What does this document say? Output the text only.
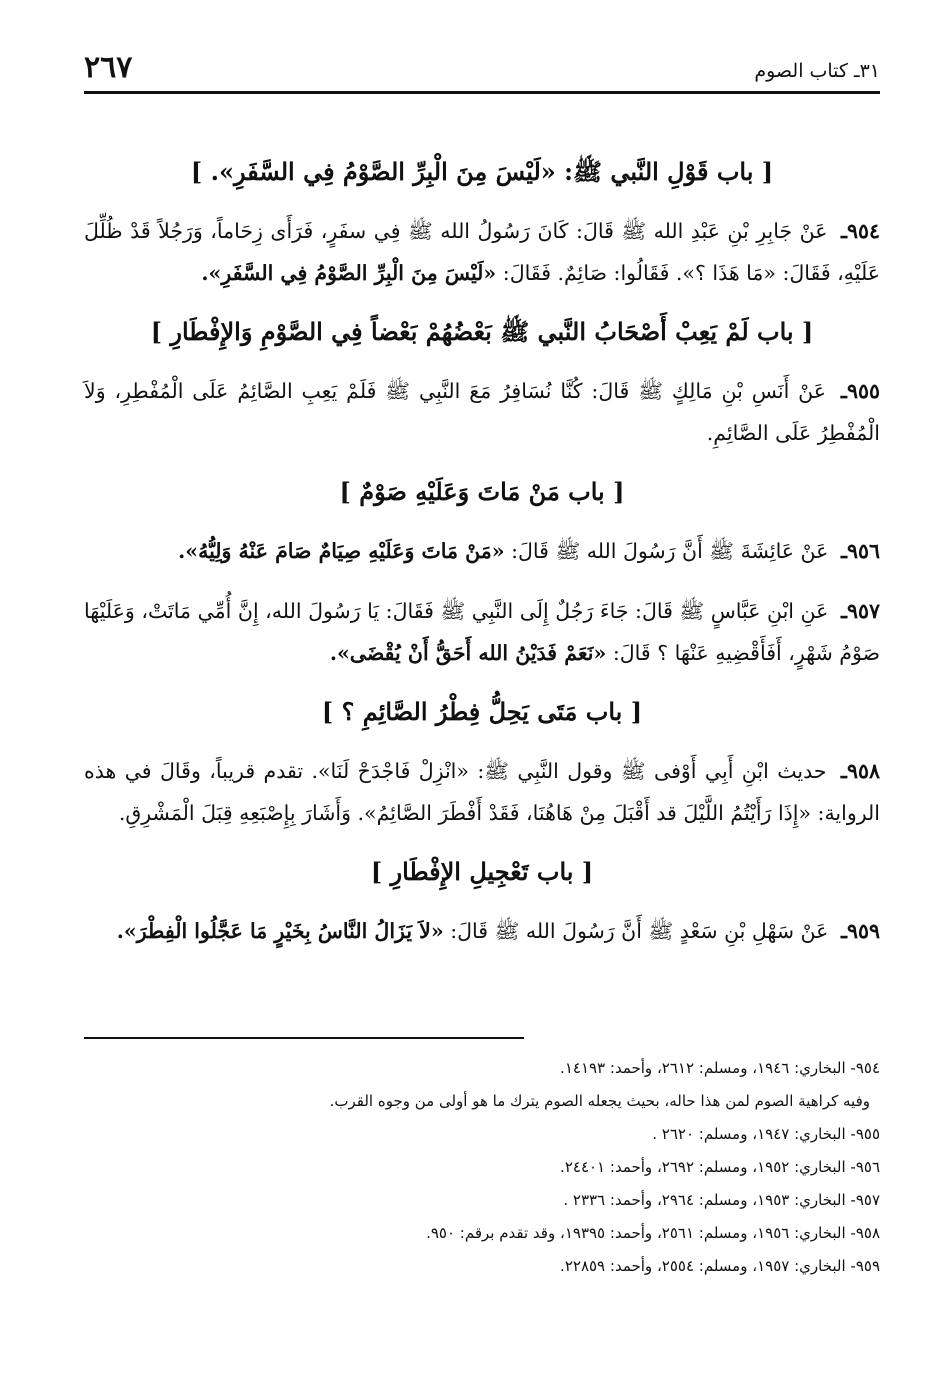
٣١ـ كتاب الصوم
٢٦٧
[ باب قَوْلِ النَّبي ﷺ: «لَيْسَ مِنَ الْبِرِّ الصَّوْمُ فِي السَّفَرِ». ]

٩٥٤ـ عَنْ جَابِرِ بْنِ عَبْدِ الله ﷺ قَالَ: كَانَ رَسُولُ الله ﷺ فِي سفَرٍ، فَرَأَى زِحَاماً، وَرَجُلاً قَدْ ظُلِّلَ عَلَيْهِ، فَقَالَ: «مَا هَذَا ؟». فَقَالُوا: صَائِمٌ. فَقَالَ: «لَيْسَ مِنَ الْبِرِّ الصَّوْمُ فِي السَّفَرِ».

[ باب لَمْ يَعِبْ أَصْحَابُ النَّبي ﷺ بَعْضُهُمْ بَعْضاً فِي الصَّوْمِ وَالإِفْطَارِ ]

٩٥٥ـ عَنْ أَنَسِ بْنِ مَالِكٍ ﷺ قَالَ: كُنَّا نُسَافِرُ مَعَ النَّبِي ﷺ فَلَمْ يَعِبِ الصَّائِمُ عَلَى الْمُفْطِرِ، وَلاَ الْمُفْطِرُ عَلَى الصَّائِمِ.

[ باب مَنْ مَاتَ وَعَلَيْهِ صَوْمٌ ]

٩٥٦ـ عَنْ عَائِشَةَ ﷺ أَنَّ رَسُولَ الله ﷺ قَالَ: «مَنْ مَاتَ وَعَلَيْهِ صِيَامٌ صَامَ عَنْهُ وَلِيُّهُ».

٩٥٧ـ عَنِ ابْنِ عَبَّاسٍ ﷺ قَالَ: جَاءَ رَجُلٌ إِلَى النَّبِي ﷺ فَقَالَ: يَا رَسُولَ الله، إِنَّ أُمِّي مَاتَتْ، وَعَلَيْهَا صَوْمُ شَهْرٍ، أَفَأَقْضِيهِ عَنْهَا ؟ قَالَ: «نَعَمْ فَدَيْنُ الله أَحَقُّ أَنْ يُقْضَى».

[ باب مَتَى يَحِلُّ فِطْرُ الصَّائِمِ ؟ ]

٩٥٨ـ حديث ابْنِ أَبِي أَوْفى ﷺ وقول النَّبِي ﷺ: «انْزِلْ فَاجْدَحْ لَنَا». تقدم قريباً، وقَالَ في هذه الرواية: «إِذَا رَأَيْتُمُ اللَّيْلَ قد أَقْبَلَ مِنْ هَاهُنَا، فَقَدْ أَفْطَرَ الصَّائِمُ». وَأَشَارَ بِإِصْبَعِهِ قِبَلَ الْمَشْرِقِ.

[ باب تَعْجِيلِ الإِفْطَارِ ]

٩٥٩ـ عَنْ سَهْلِ بْنِ سَعْدٍ ﷺ أَنَّ رَسُولَ الله ﷺ قَالَ: «لاَ يَزَالُ النَّاسُ بِخَيْرٍ مَا عَجَّلُوا الْفِطْرَ».

٩٥٤- البخاري: ١٩٤٦، ومسلم: ٢٦١٢، وأحمد: ١٤١٩٣.
وفيه كراهية الصوم لمن هذا حاله، بحيث يجعله الصوم يترك ما هو أولى من وجوه القرب.
٩٥٥- البخاري: ١٩٤٧، ومسلم: ٢٦٢٠ .
٩٥٦- البخاري: ١٩٥٢، ومسلم: ٢٦٩٢، وأحمد: ٢٤٤٠١.
٩٥٧- البخاري: ١٩٥٣، ومسلم: ٢٩٦٤، وأحمد: ٢٣٣٦ .
٩٥٨- البخاري: ١٩٥٦، ومسلم: ٢٥٦١، وأحمد: ١٩٣٩٥، وقد تقدم برقم: ٩٥٠.
٩٥٩- البخاري: ١٩٥٧، ومسلم: ٢٥٥٤، وأحمد: ٢٢٨٥٩.
